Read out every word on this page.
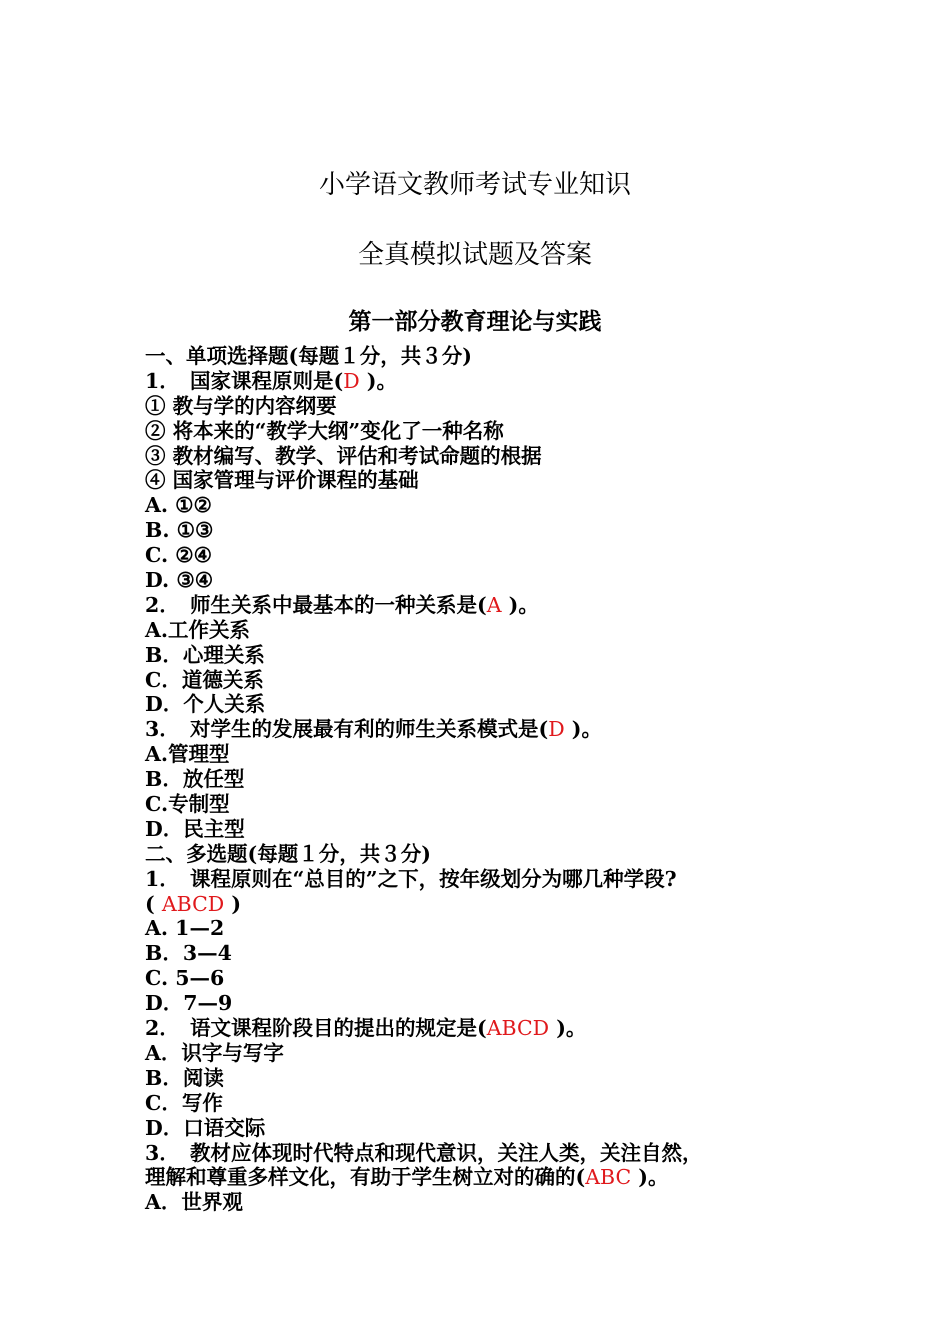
小学语文教师考试专业知识
全真模拟试题及答案
第一部分教育理论与实践
一、单项选择题(每题１分，共３分)
1．　国家课程原则是(D )。
① 教与学的内容纲要
② 将本来的“教学大纲”变化了一种名称
③ 教材编写、教学、评估和考试命题的根据
④ 国家管理与评价课程的基础
A. ①②
B. ①③
C. ②④
D. ③④
2．　师生关系中最基本的一种关系是(A )。
A.工作关系
B．心理关系
C．道德关系
D．个人关系
3．　对学生的发展最有利的师生关系模式是(D )。
A.管理型
B．放任型
C.专制型
D．民主型
二、多选题(每题１分，共３分)
1．　课程原则在“总目的”之下，按年级划分为哪几种学段?
( ABCD )
A. 1—2
B．3—4
C. 5—6
D．7—9
2．　语文课程阶段目的提出的规定是(ABCD )。
A．识字与写字
B．阅读
C．写作
D．口语交际
3．　教材应体现时代特点和现代意识，关注人类，关注自然，
理解和尊重多样文化，有助于学生树立对的确的(ABC )。
A．世界观
